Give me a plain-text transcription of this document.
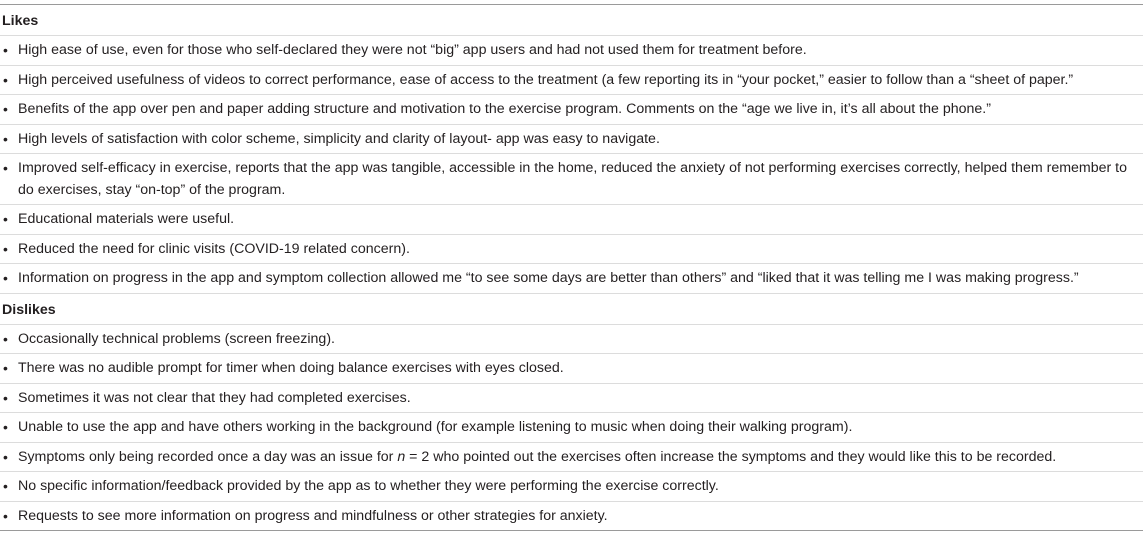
Likes
• High ease of use, even for those who self-declared they were not “big” app users and had not used them for treatment before.
• High perceived usefulness of videos to correct performance, ease of access to the treatment (a few reporting its in “your pocket,” easier to follow than a “sheet of paper.”
• Benefits of the app over pen and paper adding structure and motivation to the exercise program. Comments on the “age we live in, it’s all about the phone.”
• High levels of satisfaction with color scheme, simplicity and clarity of layout- app was easy to navigate.
• Improved self-efficacy in exercise, reports that the app was tangible, accessible in the home, reduced the anxiety of not performing exercises correctly, helped them remember to do exercises, stay “on-top” of the program.
• Educational materials were useful.
• Reduced the need for clinic visits (COVID-19 related concern).
• Information on progress in the app and symptom collection allowed me “to see some days are better than others” and “liked that it was telling me I was making progress.”
Dislikes
• Occasionally technical problems (screen freezing).
• There was no audible prompt for timer when doing balance exercises with eyes closed.
• Sometimes it was not clear that they had completed exercises.
• Unable to use the app and have others working in the background (for example listening to music when doing their walking program).
• Symptoms only being recorded once a day was an issue for n = 2 who pointed out the exercises often increase the symptoms and they would like this to be recorded.
• No specific information/feedback provided by the app as to whether they were performing the exercise correctly.
• Requests to see more information on progress and mindfulness or other strategies for anxiety.
